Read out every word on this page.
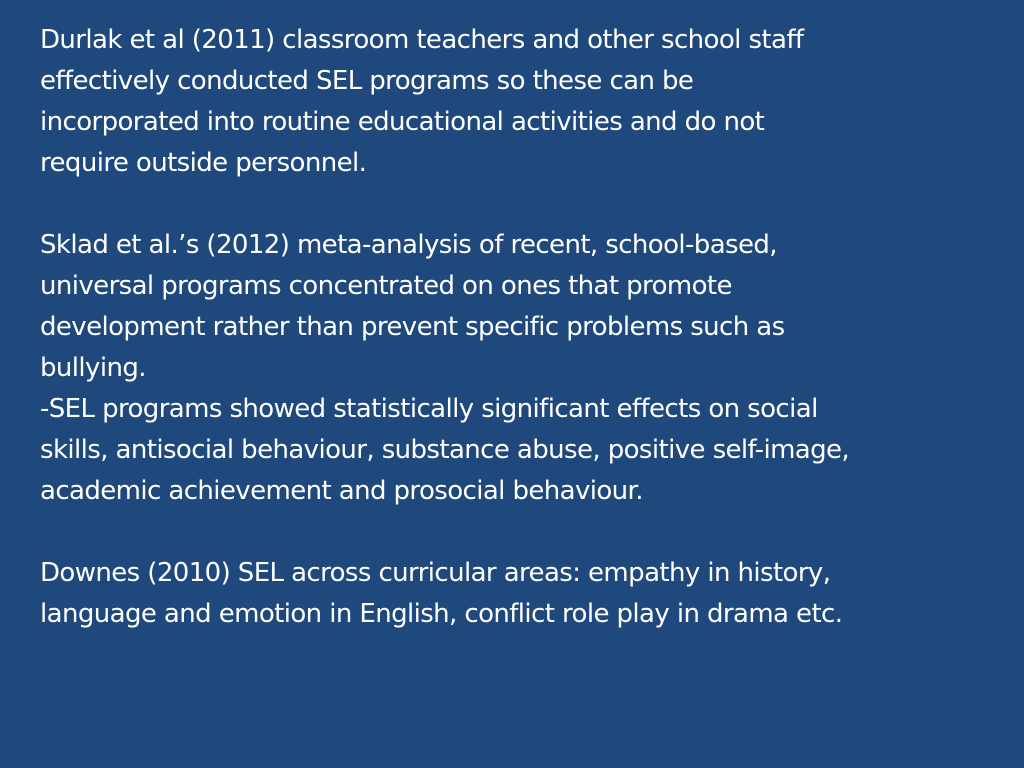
Durlak et al (2011) classroom teachers and other school staff
effectively conducted SEL programs so these can be
incorporated into routine educational activities and do not
require outside personnel.
Sklad et al.’s (2012) meta-analysis of recent, school-based,
universal programs concentrated on ones that promote
development rather than prevent specific problems such as
bullying.
-SEL programs showed statistically significant effects on social
skills, antisocial behaviour, substance abuse, positive self-image,
academic achievement and prosocial behaviour.
Downes (2010) SEL across curricular areas: empathy in history,
language and emotion in English, conflict role play in drama etc.
